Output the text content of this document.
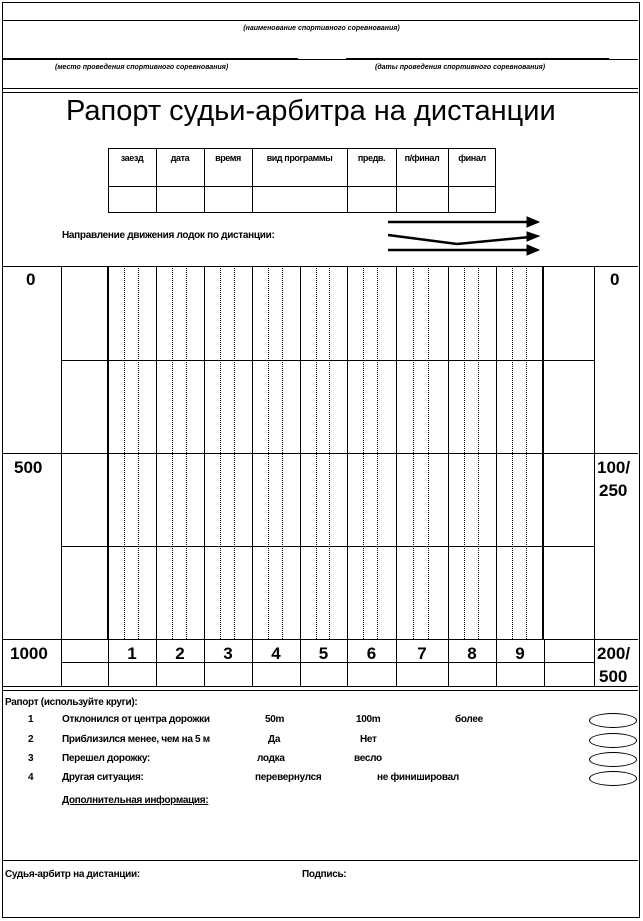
(наименование спортивного соревнования)
(место проведения спортивного соревнования)	(даты проведения спортивного соревнования)
Рапорт судьи-арбитра на дистанции
заезд	дата	время	вид программы	предв.	п/финал	финал
Направление движения лодок по дистанции:
1	2	3	4	5	6	7	8	9
0
500
1000
0
100/
250
200/
500
Рапорт (используйте круги):
1	Отклонился от центра дорожки	50m	100m	более
2	Приблизился менее, чем на 5 м	Да	Нет
3	Перешел дорожку:	лодка	весло
4	Другая ситуация:	перевернулся	не финишировал
Дополнительная информация:
Судья-арбитр на дистанции:	Подпись:
